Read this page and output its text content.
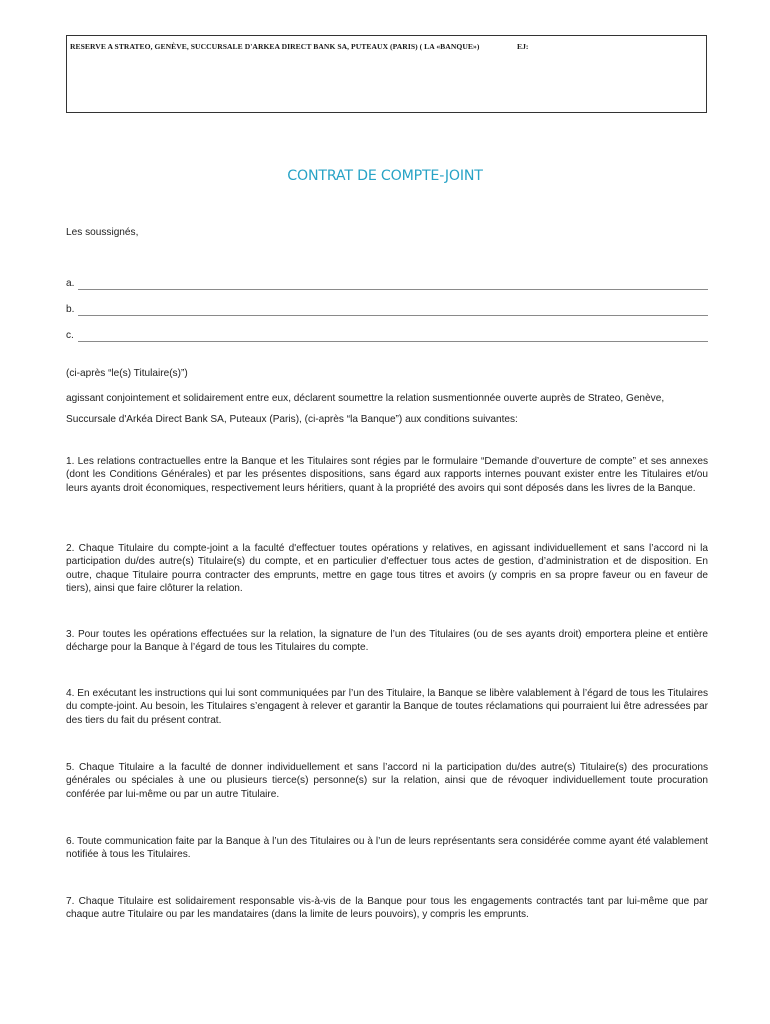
RESERVE A STRATEO, GENÈVE, SUCCURSALE D'ARKEA DIRECT BANK SA, PUTEAUX (PARIS) ( LA «BANQUE»)	EJ:
CONTRAT DE COMPTE-JOINT
Les soussignés,
a.
b.
c.
(ci-après “le(s) Titulaire(s)”)
agissant conjointement et solidairement entre eux, déclarent soumettre la relation susmentionnée ouverte auprès de Strateo, Genève, Succursale d'Arkéa Direct Bank SA, Puteaux (Paris), (ci-après “la Banque”) aux conditions suivantes:
1. Les relations contractuelles entre la Banque et les Titulaires sont régies par le formulaire “Demande d’ouverture de compte” et ses annexes (dont les Conditions Générales) et par les présentes dispositions, sans égard aux rapports internes pouvant exister entre les Titulaires et/ou leurs ayants droit économiques, respectivement leurs héritiers, quant à la propriété des avoirs qui sont déposés dans les livres de la Banque.
2. Chaque Titulaire du compte-joint a la faculté d'effectuer toutes opérations y relatives, en agissant individuellement et sans l’accord ni la participation du/des autre(s) Titulaire(s) du compte, et en particulier d'effectuer tous actes de gestion, d’administration et de disposition. En outre, chaque Titulaire pourra contracter des emprunts, mettre en gage tous titres et avoirs (y compris en sa propre faveur ou en faveur de tiers), ainsi que faire clôturer la relation.
3. Pour toutes les opérations effectuées sur la relation, la signature de l’un des Titulaires (ou de ses ayants droit) emportera pleine et entière décharge pour la Banque à l’égard de tous les Titulaires du compte.
4. En exécutant les instructions qui lui sont communiquées par l’un des Titulaire, la Banque se libère valablement à l’égard de tous les Titulaires du compte-joint. Au besoin, les Titulaires s’engagent à relever et garantir la Banque de toutes réclamations qui pourraient lui être adressées par des tiers du fait du présent contrat.
5. Chaque Titulaire a la faculté de donner individuellement et sans l’accord ni la participation du/des autre(s) Titulaire(s) des procurations générales ou spéciales à une ou plusieurs tierce(s) personne(s) sur la relation, ainsi que de révoquer individuellement toute procuration conférée par lui-même ou par un autre Titulaire.
6. Toute communication faite par la Banque à l’un des Titulaires ou à l’un de leurs représentants sera considérée comme ayant été valablement notifiée à tous les Titulaires.
7. Chaque Titulaire est solidairement responsable vis-à-vis de la Banque pour tous les engagements contractés tant par lui-même que par chaque autre Titulaire ou par les mandataires (dans la limite de leurs pouvoirs), y compris les emprunts.
